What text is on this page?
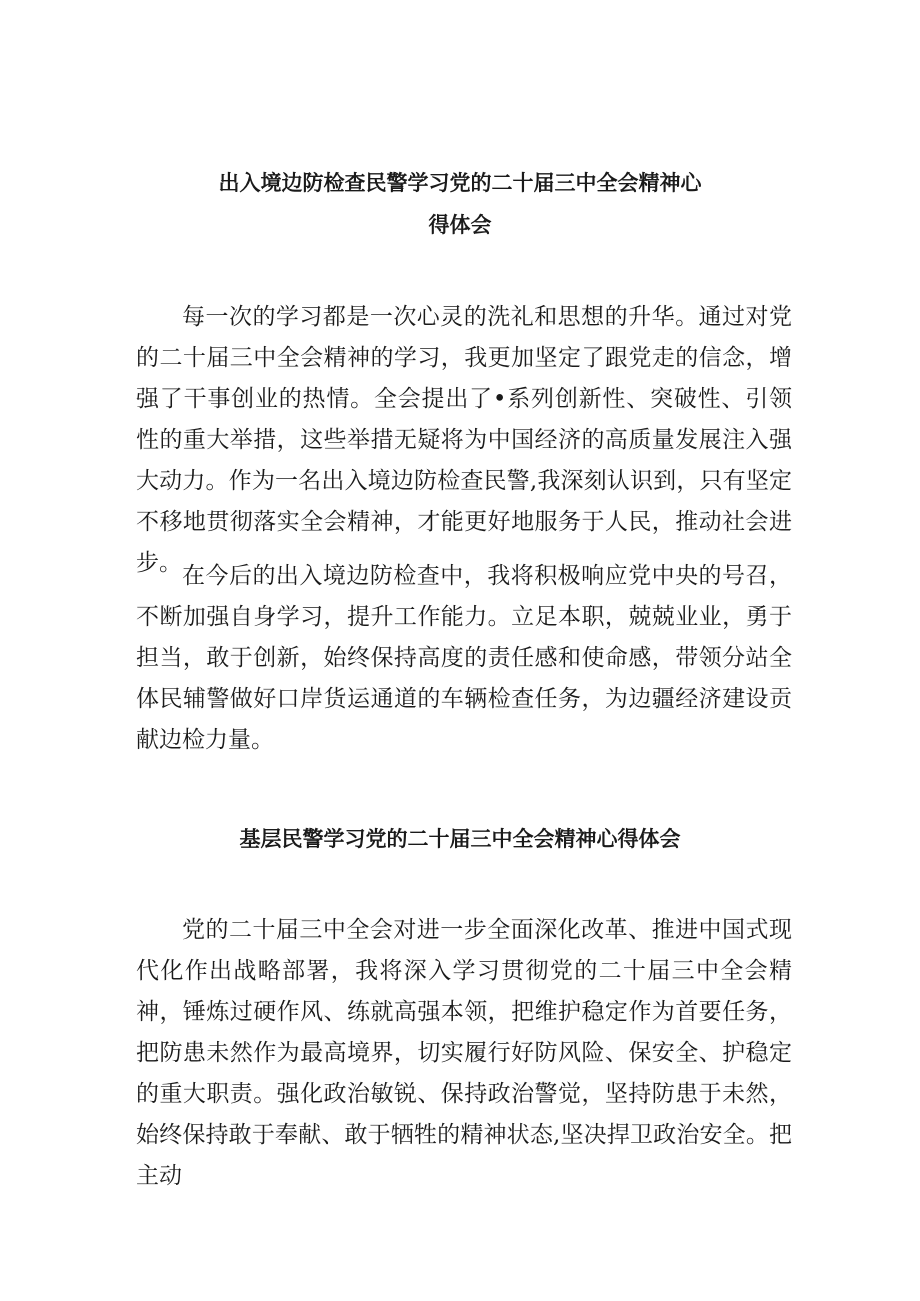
出入境边防检查民警学习党的二十届三中全会精神心
得体会

每一次的学习都是一次心灵的洗礼和思想的升华。通过对党的二十届三中全会精神的学习，我更加坚定了跟党走的信念，增强了干事创业的热情。全会提出了•系列创新性、突破性、引领性的重大举措，这些举措无疑将为中国经济的高质量发展注入强大动力。作为一名出入境边防检查民警,我深刻认识到，只有坚定不移地贯彻落实全会精神，才能更好地服务于人民，推动社会进步。 在今后的出入境边防检查中，我将积极响应党中央的号召，不断加强自身学习，提升工作能力。立足本职，兢兢业业，勇于担当，敢于创新，始终保持高度的责任感和使命感，带领分站全体民辅警做好口岸货运通道的车辆检查任务，为边疆经济建设贡献边检力量。

基层民警学习党的二十届三中全会精神心得体会

党的二十届三中全会对进一步全面深化改革、推进中国式现代化作出战略部署，我将深入学习贯彻党的二十届三中全会精神，锤炼过硬作风、练就高强本领，把维护稳定作为首要任务，把防患未然作为最高境界，切实履行好防风险、保安全、护稳定的重大职责。强化政治敏锐、保持政治警觉，坚持防患于未然，始终保持敢于奉献、敢于牺牲的精神状态,坚决捍卫政治安全。把主动
